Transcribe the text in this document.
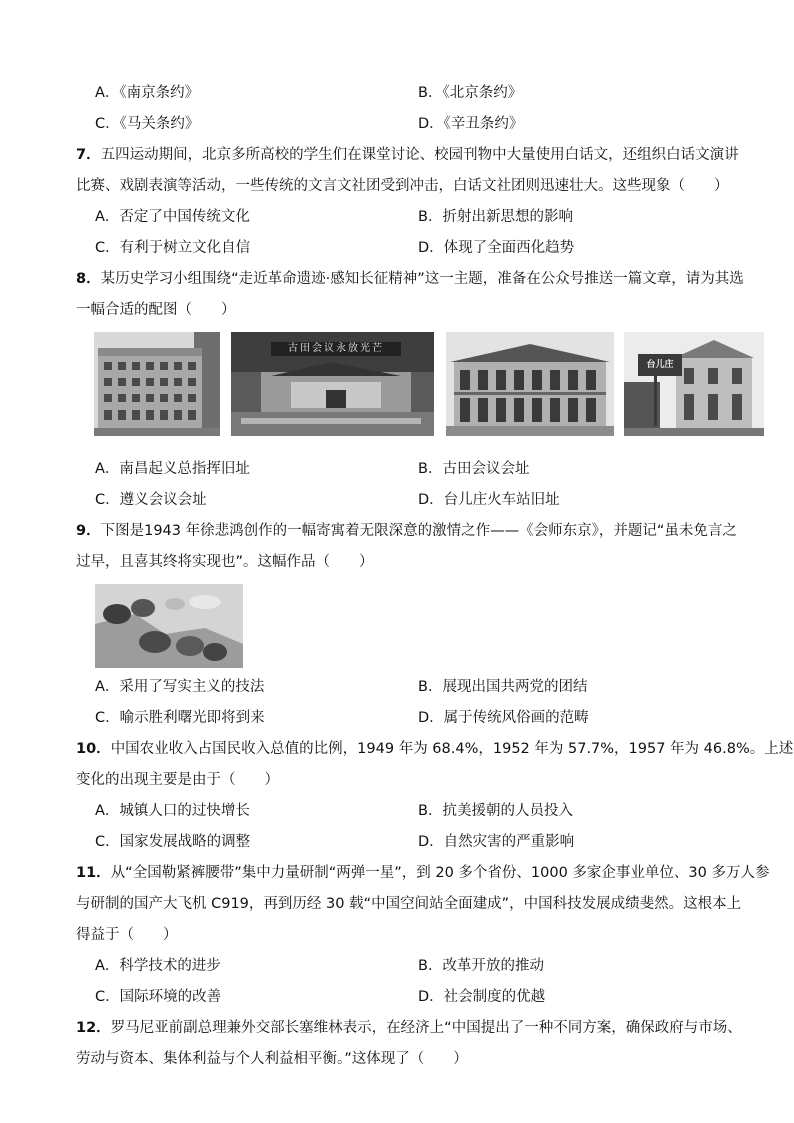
A．《南京条约》	B．《北京条约》
C．《马关条约》	D．《辛丑条约》
7．五四运动期间，北京多所高校的学生们在课堂讨论、校园刊物中大量使用白话文，还组织白话文演讲
比赛、戏剧表演等活动，一些传统的文言文社团受到冲击，白话文社团则迅速壮大。这些现象（　　）
A．否定了中国传统文化	B．折射出新思想的影响
C．有利于树立文化自信	D．体现了全面西化趋势
8．某历史学习小组围绕“走近革命遗迹·感知长征精神”这一主题，准备在公众号推送一篇文章，请为其选
一幅合适的配图（　　）
古田会议永放光芒
台儿庄
A．南昌起义总指挥旧址	B．古田会议会址
C．遵义会议会址	D．台儿庄火车站旧址
9．下图是1943 年徐悲鸿创作的一幅寄寓着无限深意的激情之作——《会师东京》，并题记“虽未免言之
过早，且喜其终将实现也”。这幅作品（　　）
A．采用了写实主义的技法	B．展现出国共两党的团结
C．喻示胜利曙光即将到来	D．属于传统风俗画的范畴
10．中国农业收入占国民收入总值的比例，1949 年为 68.4%，1952 年为 57.7%，1957 年为 46.8%。上述
变化的出现主要是由于（　　）
A．城镇人口的过快增长	B．抗美援朝的人员投入
C．国家发展战略的调整	D．自然灾害的严重影响
11．从“全国勒紧裤腰带”集中力量研制“两弹一星”，到 20 多个省份、1000 多家企事业单位、30 多万人参
与研制的国产大飞机 C919，再到历经 30 载“中国空间站全面建成”，中国科技发展成绩斐然。这根本上
得益于（　　）
A．科学技术的进步	B．改革开放的推动
C．国际环境的改善	D．社会制度的优越
12．罗马尼亚前副总理兼外交部长塞维林表示，在经济上“中国提出了一种不同方案，确保政府与市场、
劳动与资本、集体利益与个人利益相平衡。”这体现了（　　）
